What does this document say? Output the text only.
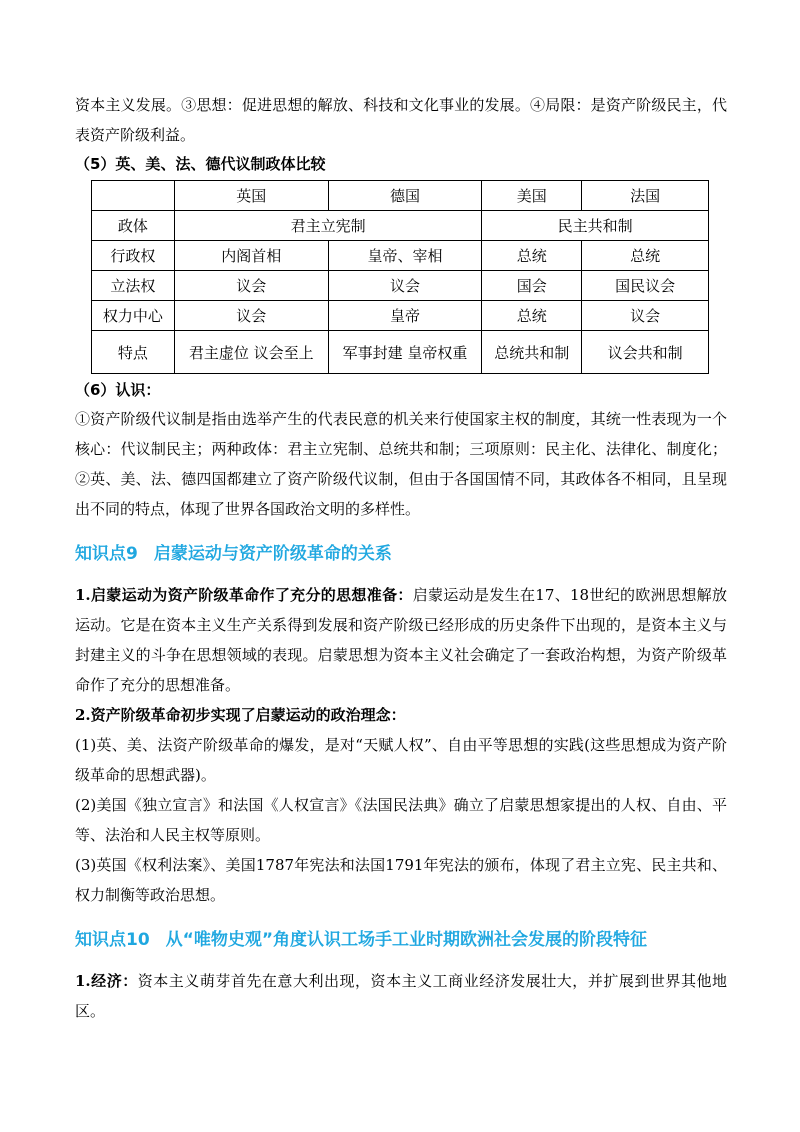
资本主义发展。③思想：促进思想的解放、科技和文化事业的发展。④局限：是资产阶级民主，代表资产阶级利益。

（5）英、美、法、德代议制政体比较

	英国	德国	美国	法国
政体	君主立宪制		民主共和制	
行政权	内阁首相	皇帝、宰相	总统	总统
立法权	议会	议会	国会	国民议会
权力中心	议会	皇帝	总统	议会
特点	君主虚位 议会至上	军事封建 皇帝权重	总统共和制	议会共和制

（6）认识：

①资产阶级代议制是指由选举产生的代表民意的机关来行使国家主权的制度，其统一性表现为一个核心：代议制民主；两种政体：君主立宪制、总统共和制；三项原则：民主化、法律化、制度化；②英、美、法、德四国都建立了资产阶级代议制，但由于各国国情不同，其政体各不相同，且呈现出不同的特点，体现了世界各国政治文明的多样性。

知识点9 启蒙运动与资产阶级革命的关系

1.启蒙运动为资产阶级革命作了充分的思想准备：启蒙运动是发生在17、18世纪的欧洲思想解放运动。它是在资本主义生产关系得到发展和资产阶级已经形成的历史条件下出现的，是资本主义与封建主义的斗争在思想领域的表现。启蒙思想为资本主义社会确定了一套政治构想，为资产阶级革命作了充分的思想准备。

2.资产阶级革命初步实现了启蒙运动的政治理念：

(1)英、美、法资产阶级革命的爆发，是对“天赋人权”、自由平等思想的实践(这些思想成为资产阶级革命的思想武器)。

(2)美国《独立宣言》和法国《人权宣言》《法国民法典》确立了启蒙思想家提出的人权、自由、平等、法治和人民主权等原则。

(3)英国《权利法案》、美国1787年宪法和法国1791年宪法的颁布，体现了君主立宪、民主共和、权力制衡等政治思想。

知识点10 从“唯物史观”角度认识工场手工业时期欧洲社会发展的阶段特征

1.经济：资本主义萌芽首先在意大利出现，资本主义工商业经济发展壮大，并扩展到世界其他地区。
